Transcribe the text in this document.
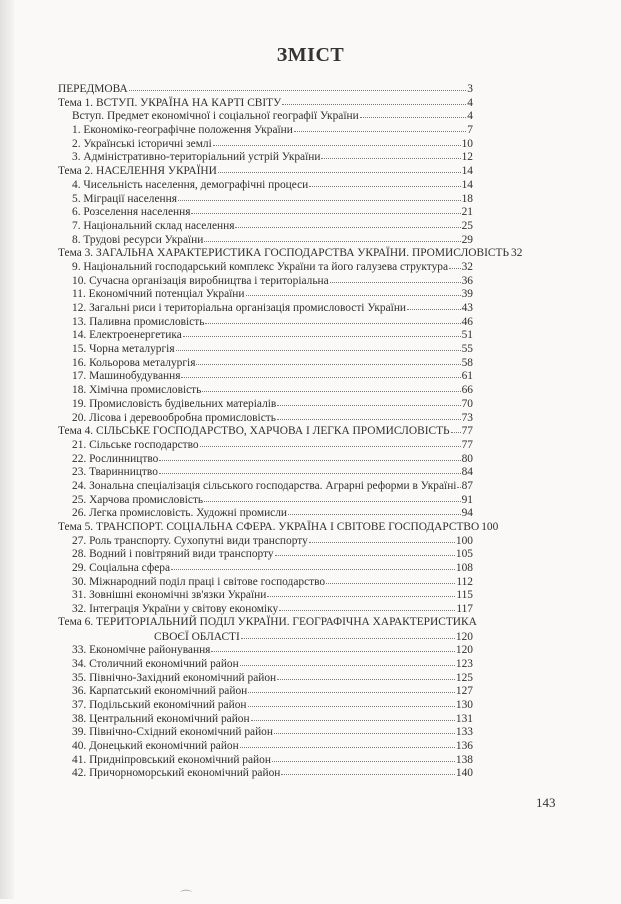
ЗМІСТ
ПЕРЕДМОВА	3
Тема 1. ВСТУП. УКРАЇНА НА КАРТІ СВІТУ	4
Вступ. Предмет економічної і соціальної географії України	4
1. Економіко-географічне положення України	7
2. Українські історичні землі	10
3. Адміністративно-територіальний устрій України	12
Тема 2. НАСЕЛЕННЯ УКРАЇНИ	14
4. Чисельність населення, демографічні процеси	14
5. Міграції населення	18
6. Розселення населення	21
7. Національний склад населення	25
8. Трудові ресурси України	29
Тема 3. ЗАГАЛЬНА ХАРАКТЕРИСТИКА ГОСПОДАРСТВА УКРАЇНИ. ПРОМИСЛОВІСТЬ 32
9. Національний господарський комплекс України та його галузева структура 32
10. Сучасна організація виробництва і територіальна	36
11. Економічний потенціал України	39
12. Загальні риси і територіальна організація промисловості України	43
13. Паливна промисловість	46
14. Електроенергетика	51
15. Чорна металургія	55
16. Кольорова металургія	58
17. Машинобудування	61
18. Хімічна промисловість	66
19. Промисловість будівельних матеріалів	70
20. Лісова і деревообробна промисловість	73
Тема 4. СІЛЬСЬКЕ ГОСПОДАРСТВО, ХАРЧОВА І ЛЕГКА ПРОМИСЛОВІСТЬ 77
21. Сільське господарство	77
22. Рослинництво	80
23. Тваринництво	84
24. Зональна спеціалізація сільського господарства. Аграрні реформи в Україні 87
25. Харчова промисловість	91
26. Легка промисловість. Художні промисли	94
Тема 5. ТРАНСПОРТ. СОЦІАЛЬНА СФЕРА. УКРАЇНА І СВІТОВЕ ГОСПОДАРСТВО 100
27. Роль транспорту. Сухопутні види транспорту	100
28. Водний і повітряний види транспорту	105
29. Соціальна сфера	108
30. Міжнародний поділ праці і світове господарство	112
31. Зовнішні економічні зв'язки України	115
32. Інтеграція України у світову економіку	117
Тема 6. ТЕРИТОРІАЛЬНИЙ ПОДІЛ УКРАЇНИ. ГЕОГРАФІЧНА ХАРАКТЕРИСТИКА
СВОЄЇ ОБЛАСТІ	120
33. Економічне районування	120
34. Столичний економічний район	123
35. Північно-Західний економічний район	125
36. Карпатський економічний район	127
37. Подільський економічний район	130
38. Центральний економічний район	131
39. Північно-Східний економічний район	133
40. Донецький економічний район	136
41. Придніпровський економічний район	138
42. Причорноморський економічний район	140
143
⌒
